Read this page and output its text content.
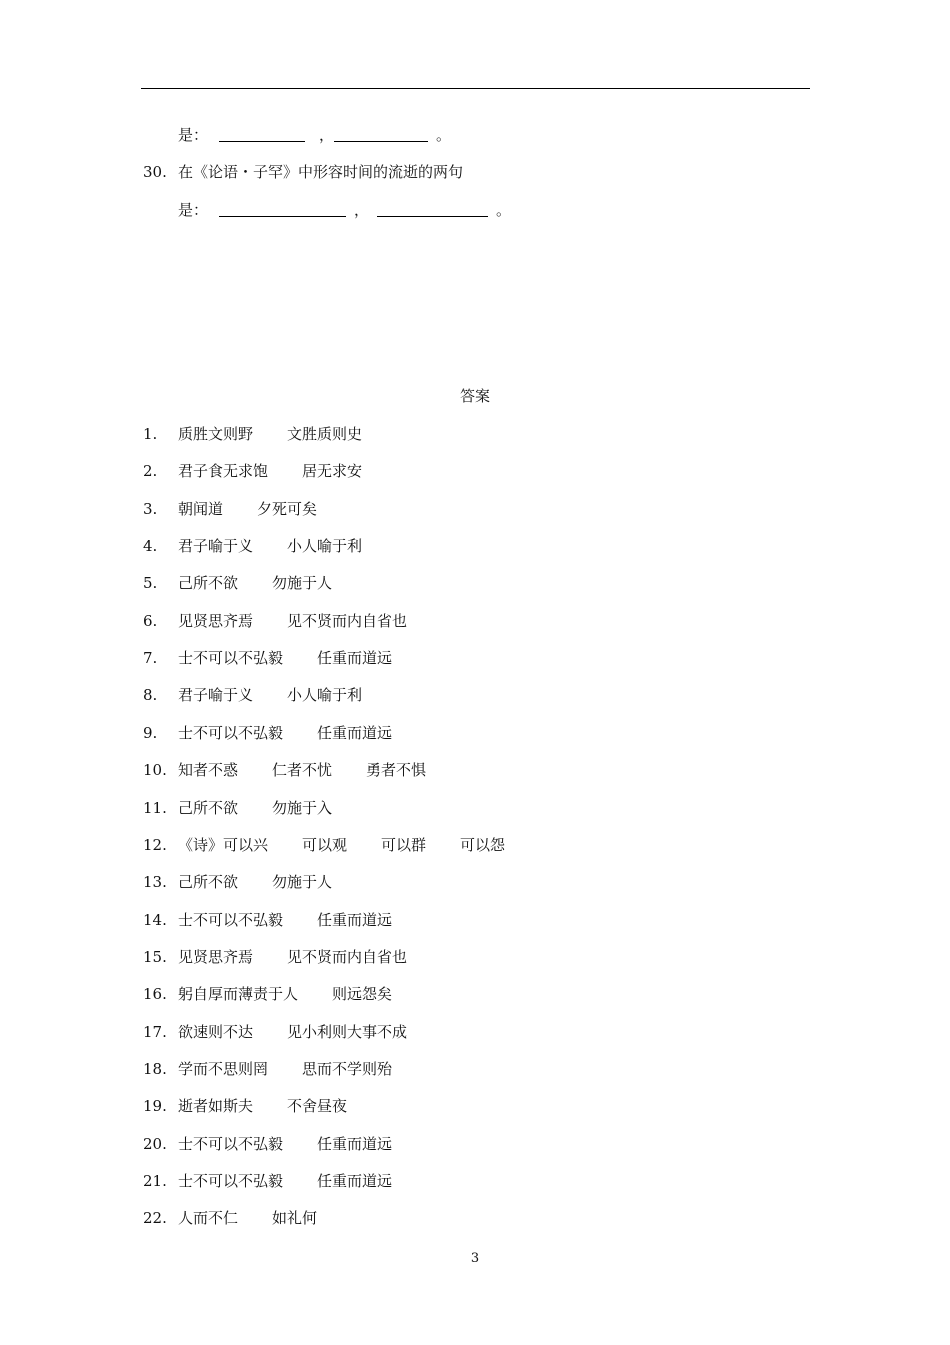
是：	，	。
30. 在《论语・子罕》中形容时间的流逝的两句
是：	，	。
答案
1. 质胜文则野 文胜质则史
2. 君子食无求饱 居无求安
3. 朝闻道 夕死可矣
4. 君子喻于义 小人喻于利
5. 己所不欲 勿施于人
6. 见贤思齐焉 见不贤而内自省也
7. 士不可以不弘毅 任重而道远
8. 君子喻于义 小人喻于利
9. 士不可以不弘毅 任重而道远
10. 知者不惑 仁者不忧 勇者不惧
11. 己所不欲 勿施于入
12. 《诗》可以兴 可以观 可以群 可以怨
13. 己所不欲 勿施于人
14. 士不可以不弘毅 任重而道远
15. 见贤思齐焉 见不贤而内自省也
16. 躬自厚而薄责于人 则远怨矣
17. 欲速则不达 见小利则大事不成
18. 学而不思则罔 思而不学则殆
19. 逝者如斯夫 不舍昼夜
20. 士不可以不弘毅 任重而道远
21. 士不可以不弘毅 任重而道远
22. 人而不仁 如礼何
3
